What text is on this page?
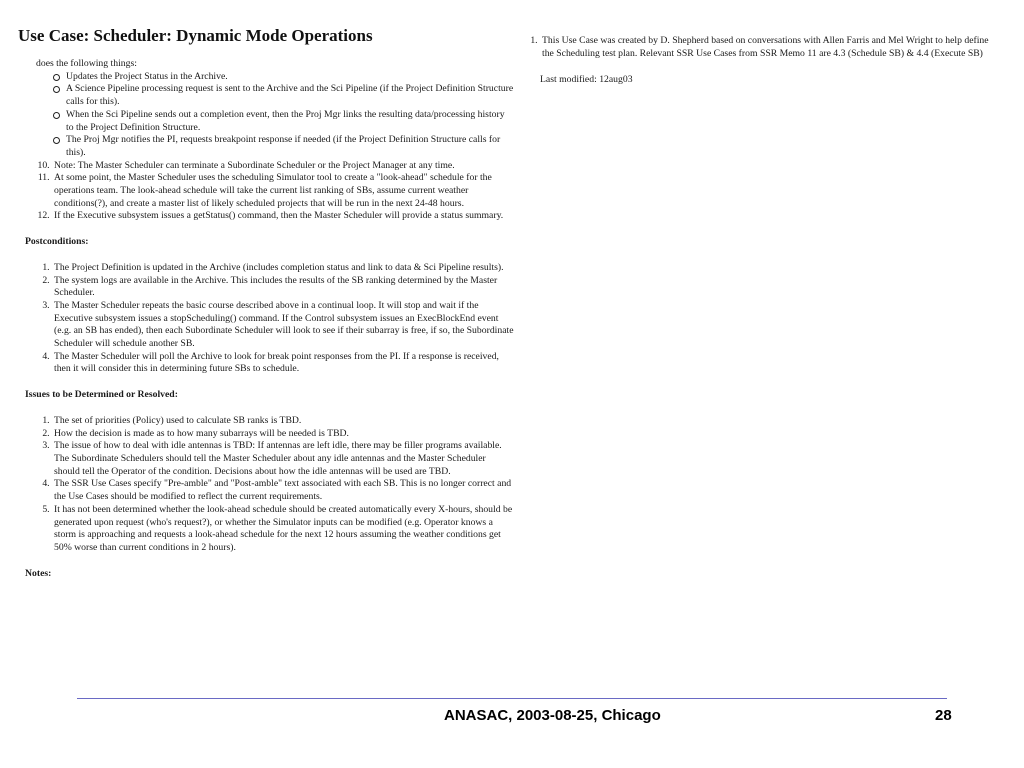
Use Case: Scheduler: Dynamic Mode Operations

does the following things:

Updates the Project Status in the Archive.
A Science Pipeline processing request is sent to the Archive and the Sci Pipeline (if the Project Definition Structure calls for this).
When the Sci Pipeline sends out a completion event, then the Proj Mgr links the resulting data/processing history to the Project Definition Structure.
The Proj Mgr notifies the PI, requests breakpoint response if needed (if the Project Definition Structure calls for this).
10. Note: The Master Scheduler can terminate a Subordinate Scheduler or the Project Manager at any time.
11. At some point, the Master Scheduler uses the scheduling Simulator tool to create a "look-ahead" schedule for the operations team. The look-ahead schedule will take the current list ranking of SBs, assume current weather conditions(?), and create a master list of likely scheduled projects that will be run in the next 24-48 hours.
12. If the Executive subsystem issues a getStatus() command, then the Master Scheduler will provide a status summary.

Postconditions:

1. The Project Definition is updated in the Archive (includes completion status and link to data & Sci Pipeline results).
2. The system logs are available in the Archive. This includes the results of the SB ranking determined by the Master Scheduler.
3. The Master Scheduler repeats the basic course described above in a continual loop. It will stop and wait if the Executive subsystem issues a stopScheduling() command. If the Control subsystem issues an ExecBlockEnd event (e.g. an SB has ended), then each Subordinate Scheduler will look to see if their subarray is free, if so, the Subordinate Scheduler will schedule another SB.
4. The Master Scheduler will poll the Archive to look for break point responses from the PI. If a response is received, then it will consider this in determining future SBs to schedule.

Issues to be Determined or Resolved:

1. The set of priorities (Policy) used to calculate SB ranks is TBD.
2. How the decision is made as to how many subarrays will be needed is TBD.
3. The issue of how to deal with idle antennas is TBD: If antennas are left idle, there may be filler programs available. The Subordinate Schedulers should tell the Master Scheduler about any idle antennas and the Master Scheduler should tell the Operator of the condition. Decisions about how the idle antennas will be used are TBD.
4. The SSR Use Cases specify "Pre-amble" and "Post-amble" text associated with each SB. This is no longer correct and the Use Cases should be modified to reflect the current requirements.
5. It has not been determined whether the look-ahead schedule should be created automatically every X-hours, should be generated upon request (who's request?), or whether the Simulator inputs can be modified (e.g. Operator knows a storm is approaching and requests a look-ahead schedule for the next 12 hours assuming the weather conditions get 50% worse than current conditions in 2 hours).

Notes:

1. This Use Case was created by D. Shepherd based on conversations with Allen Farris and Mel Wright to help define the Scheduling test plan. Relevant SSR Use Cases from SSR Memo 11 are 4.3 (Schedule SB) & 4.4 (Execute SB)

Last modified: 12aug03

ANASAC, 2003-08-25, Chicago	28
